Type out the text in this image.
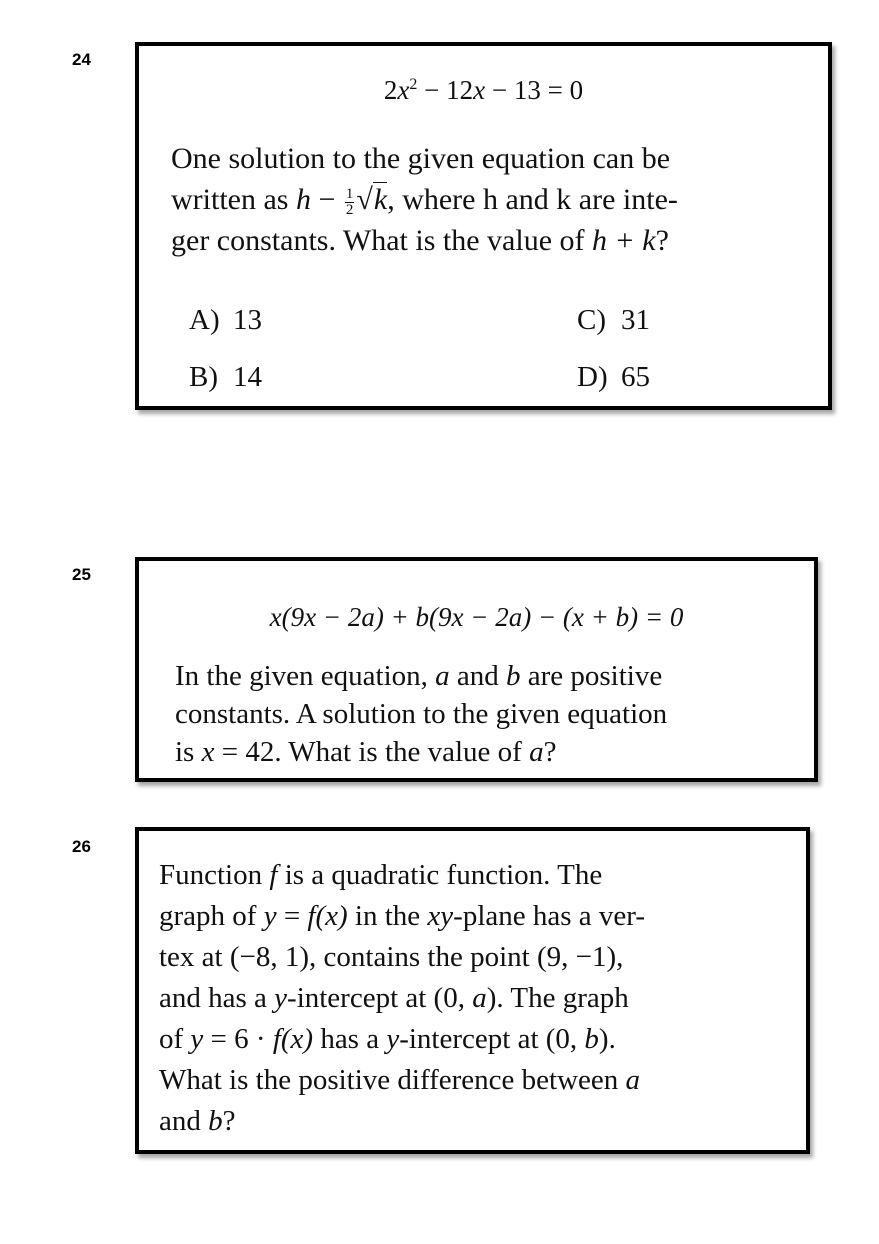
24
$2x^2 - 12x - 13 = 0$
One solution to the given equation can be
written as $h - \frac{1}{2} √k$, where h and k are inte-
ger constants. What is the value of h + k?
A) 13
B) 14
C) 31
D) 65
25
x(9x − 2a) + b(9x − 2a) − (x + b) = 0
In the given equation, a and b are positive
constants. A solution to the given equation
is x = 42. What is the value of a?
26
Function f is a quadratic function. The
graph of y = f(x) in the xy-plane has a ver-
tex at (−8, 1), contains the point (9, −1),
and has a y-intercept at (0, a). The graph
of y = 6 · f(x) has a y-intercept at (0, b).
What is the positive difference between a
and b?
